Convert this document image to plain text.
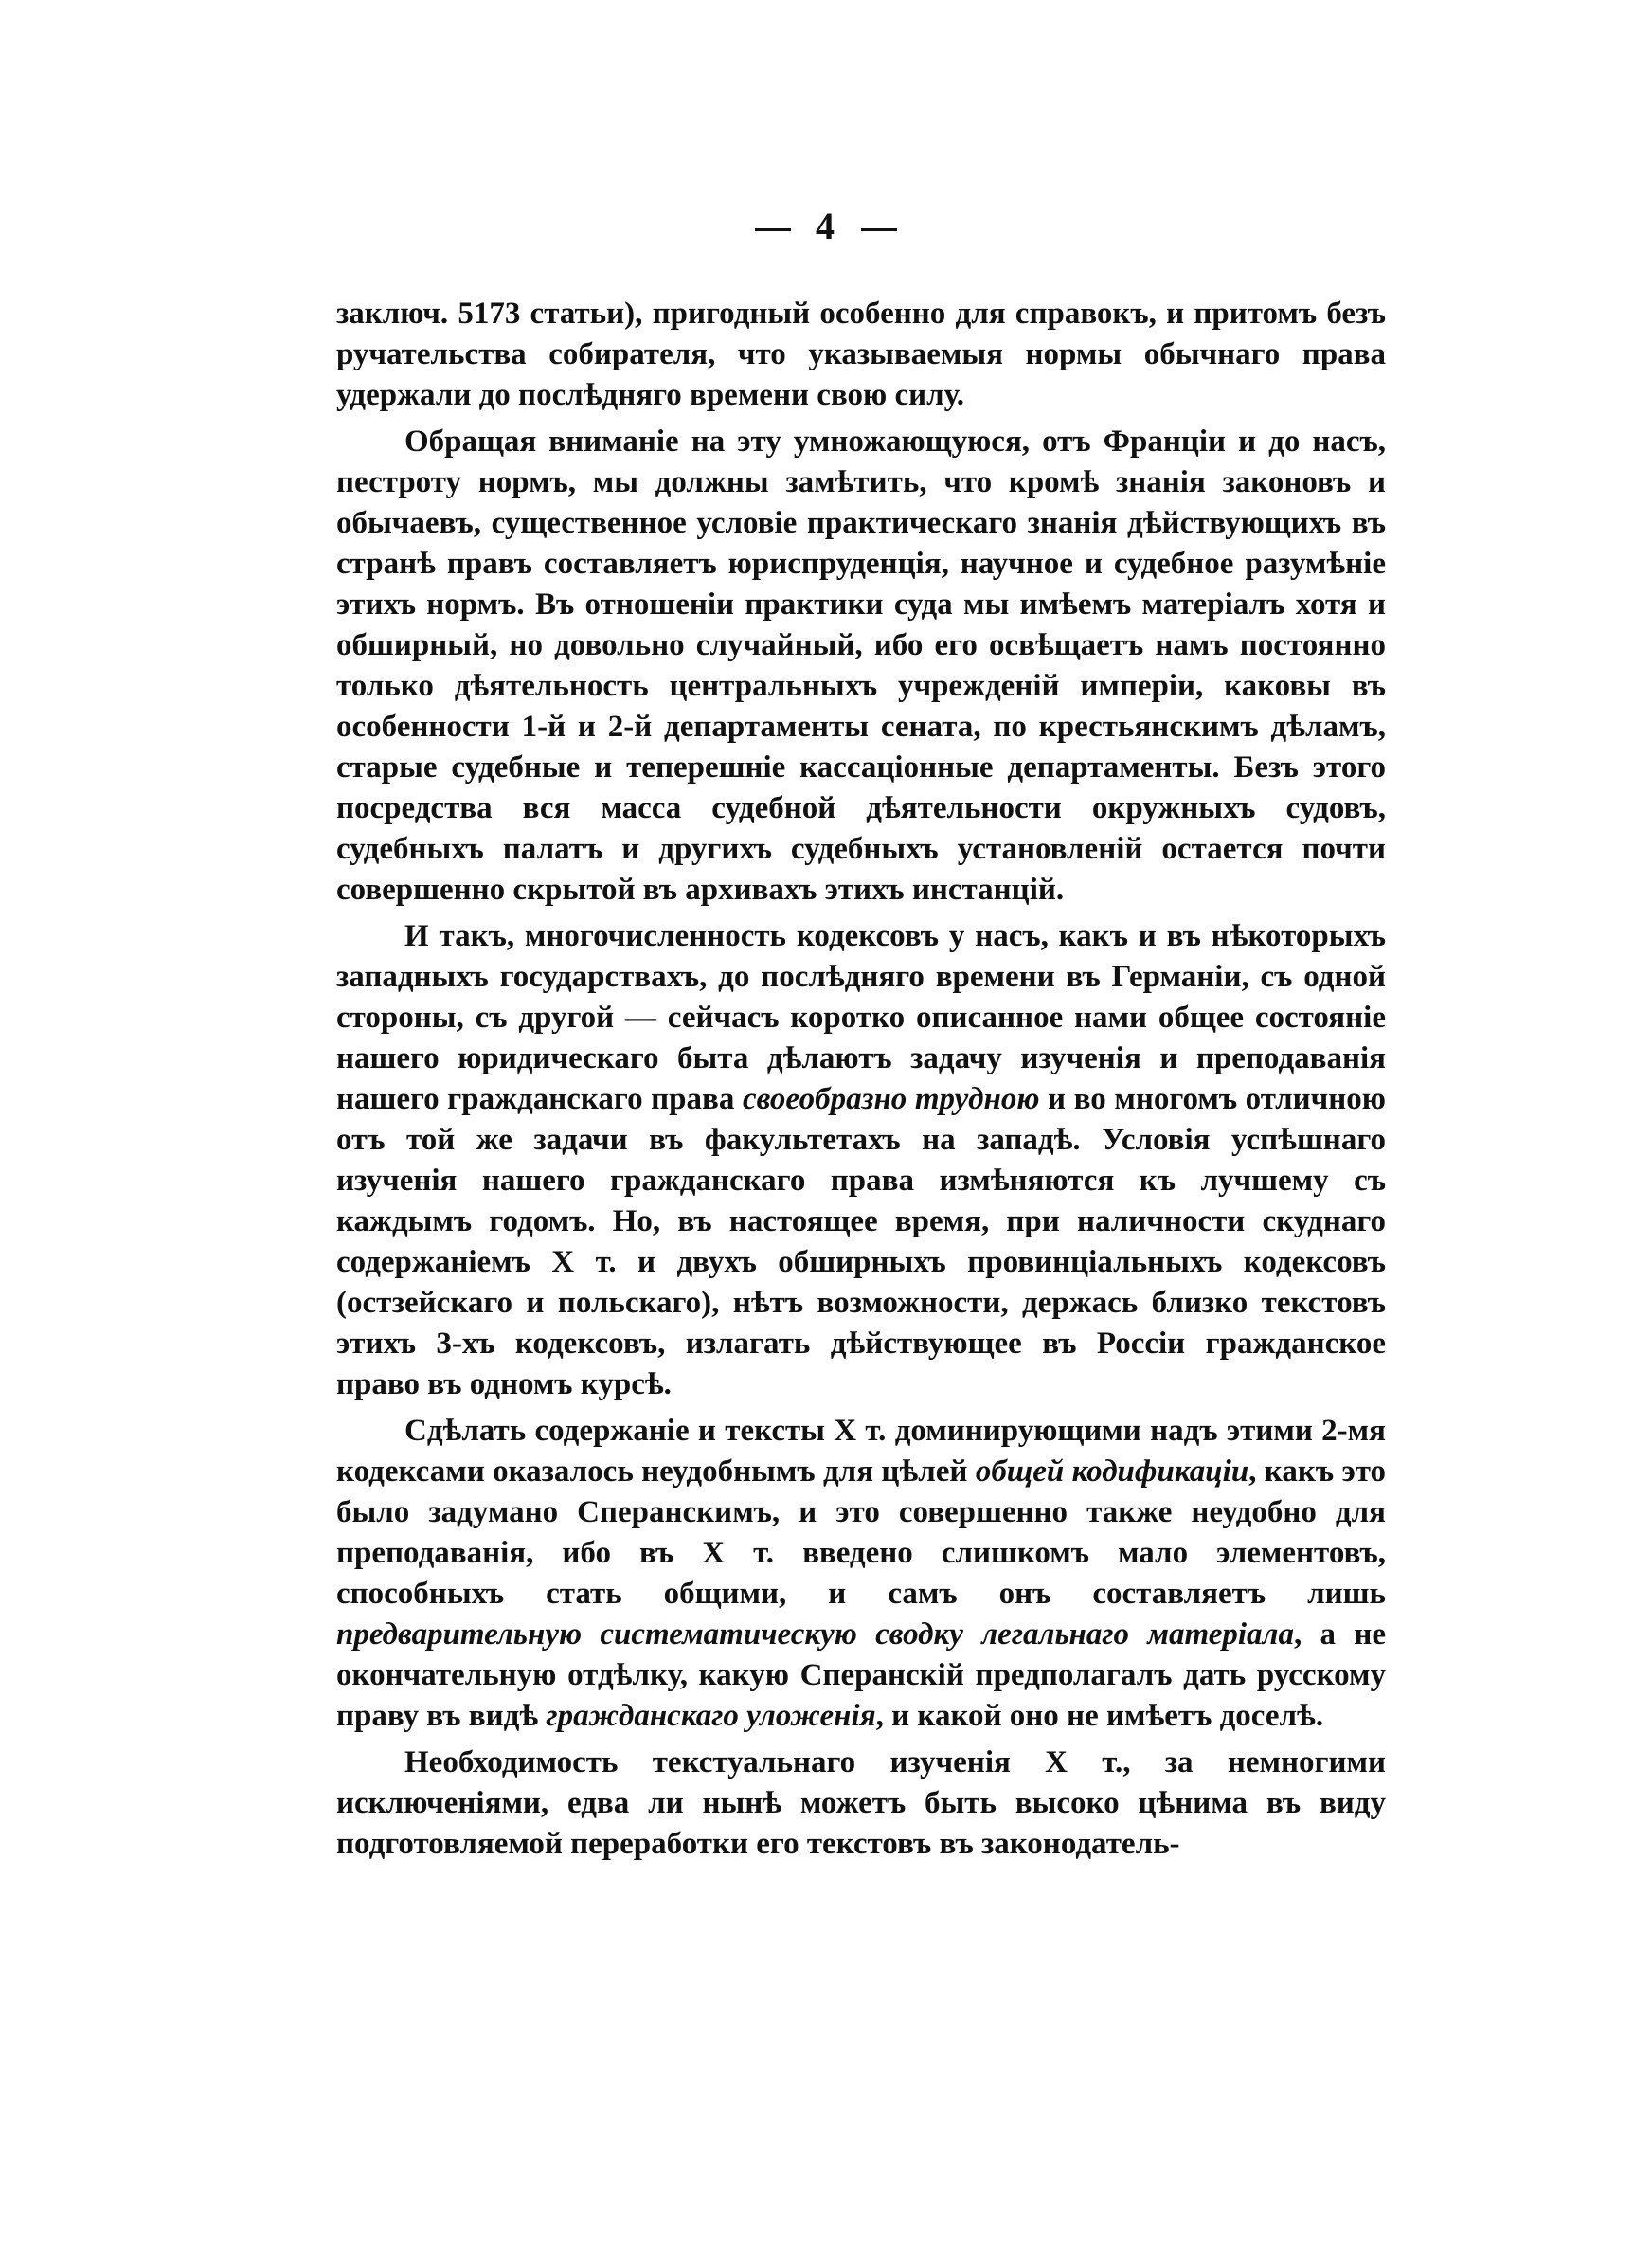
4

заключ. 5173 статьи), пригодный особенно для справокъ, и притомъ безъ ручательства собирателя, что указываемыя нормы обычнаго права удержали до послѣдняго времени свою силу.

Обращая вниманіе на эту умножающуюся, отъ Франціи и до насъ, пестроту нормъ, мы должны замѣтить, что кромѣ знанія законовъ и обычаевъ, существенное условіе практическаго знанія дѣйствующихъ въ странѣ правъ составляетъ юриспруденція, научное и судебное разумѣніе этихъ нормъ. Въ отношеніи практики суда мы имѣемъ матеріалъ хотя и обширный, но довольно случайный, ибо его освѣщаетъ намъ постоянно только дѣятельность центральныхъ учрежденій имперіи, каковы въ особенности 1-й и 2-й департаменты сената, по крестьянскимъ дѣламъ, старые судебные и теперешніе кассаціонные департаменты. Безъ этого посредства вся масса судебной дѣятельности окружныхъ судовъ, судебныхъ палатъ и другихъ судебныхъ установленій остается почти совершенно скрытой въ архивахъ этихъ инстанцій.

И такъ, многочисленность кодексовъ у насъ, какъ и въ нѣкоторыхъ западныхъ государствахъ, до послѣдняго времени въ Германіи, съ одной стороны, съ другой — сейчасъ коротко описанное нами общее состояніе нашего юридическаго быта дѣлаютъ задачу изученія и преподаванія нашего гражданскаго права своеобразно трудною и во многомъ отличною отъ той же задачи въ факультетахъ на западѣ. Условія успѣшнаго изученія нашего гражданскаго права измѣняются къ лучшему съ каждымъ годомъ. Но, въ настоящее время, при наличности скуднаго содержаніемъ X т. и двухъ обширныхъ провинціальныхъ кодексовъ (остзейскаго и польскаго), нѣтъ возможности, держась близко текстовъ этихъ 3-хъ кодексовъ, излагать дѣйствующее въ Россіи гражданское право въ одномъ курсѣ.

Сдѣлать содержаніе и тексты X т. доминирующими надъ этими 2-мя кодексами оказалось неудобнымъ для цѣлей общей кодификаціи, какъ это было задумано Сперанскимъ, и это совершенно также неудобно для преподаванія, ибо въ X т. введено слишкомъ мало элементовъ, способныхъ стать общими, и самъ онъ составляетъ лишь предварительную систематическую сводку легальнаго матеріала, а не окончательную отдѣлку, какую Сперанскій предполагалъ дать русскому праву въ видѣ гражданскаго уложенія, и какой оно не имѣетъ доселѣ.

Необходимость текстуальнаго изученія X т., за немногими исключеніями, едва ли нынѣ можетъ быть высоко цѣнима въ виду подготовляемой переработки его текстовъ въ законодатель-
